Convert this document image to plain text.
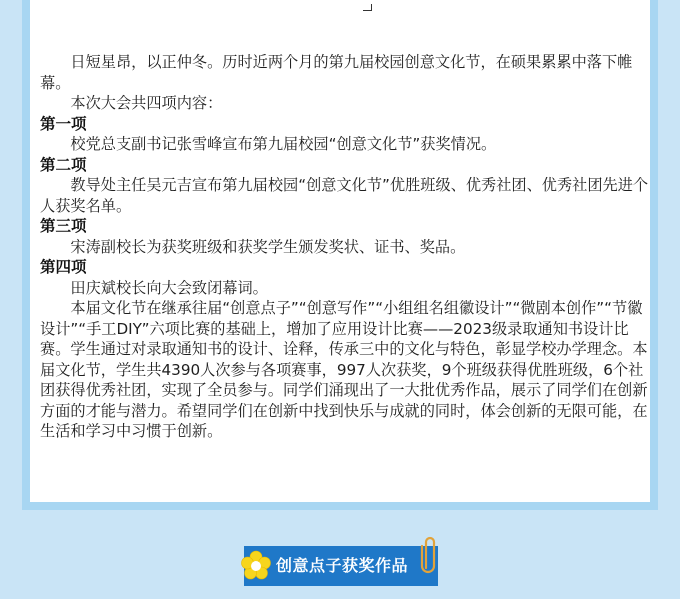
日短星昂，以正仲冬。历时近两个月的第九届校园创意文化节，在硕果累累中落下帷幕。

本次大会共四项内容：

第一项

校党总支副书记张雪峰宣布第九届校园“创意文化节”获奖情况。

第二项

教导处主任吴元吉宣布第九届校园“创意文化节”优胜班级、优秀社团、优秀社团先进个人获奖名单。

第三项

宋涛副校长为获奖班级和获奖学生颁发奖状、证书、奖品。

第四项

田庆斌校长向大会致闭幕词。

本届文化节在继承往届“创意点子”“创意写作”“小组组名组徽设计”“微剧本创作”“节徽设计”“手工DIY”六项比赛的基础上，增加了应用设计比赛——2023级录取通知书设计比赛。学生通过对录取通知书的设计、诠释，传承三中的文化与特色，彰显学校办学理念。本届文化节，学生共4390人次参与各项赛事，997人次获奖，9个班级获得优胜班级，6个社团获得优秀社团，实现了全员参与。同学们涌现出了一大批优秀作品，展示了同学们在创新方面的才能与潜力。希望同学们在创新中找到快乐与成就的同时，体会创新的无限可能，在生活和学习中习惯于创新。

创意点子获奖作品
